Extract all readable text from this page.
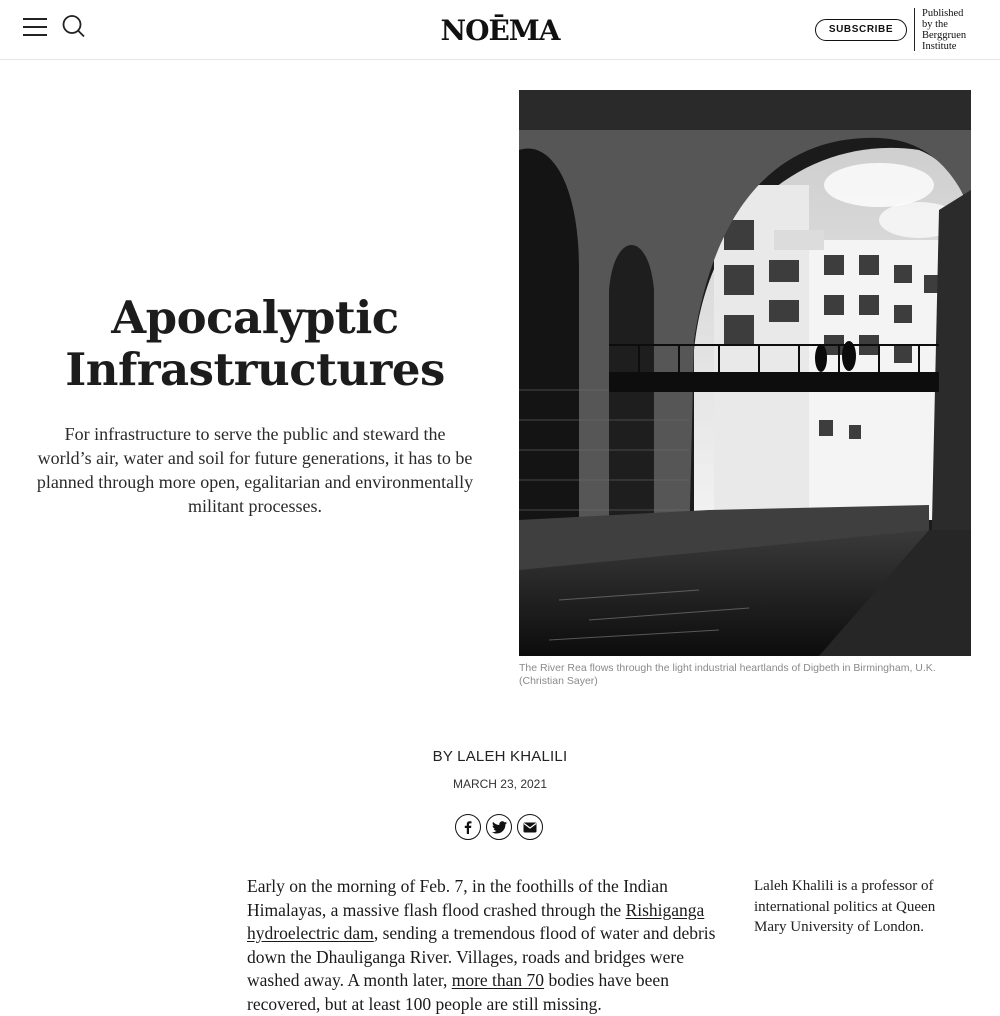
NOĒMA	SUBSCRIBE
Published
by the
Berggruen
Institute
Apocalyptic Infrastructures

For infrastructure to serve the public and steward the world’s air, water and soil for future generations, it has to be planned through more open, egalitarian and environmentally militant processes.

The River Rea flows through the light industrial heartlands of Digbeth in Birmingham, U.K. (Christian Sayer)

BY LALEH KHALILI
MARCH 23, 2021

Early on the morning of Feb. 7, in the foothills of the Indian Himalayas, a massive flash flood crashed through the Rishiganga hydroelectric dam, sending a tremendous flood of water and debris down the Dhauliganga River. Villages, roads and bridges were washed away. A month later, more than 70 bodies have been recovered, but at least 100 people are still missing.

Laleh Khalili is a professor of international politics at Queen Mary University of London.
